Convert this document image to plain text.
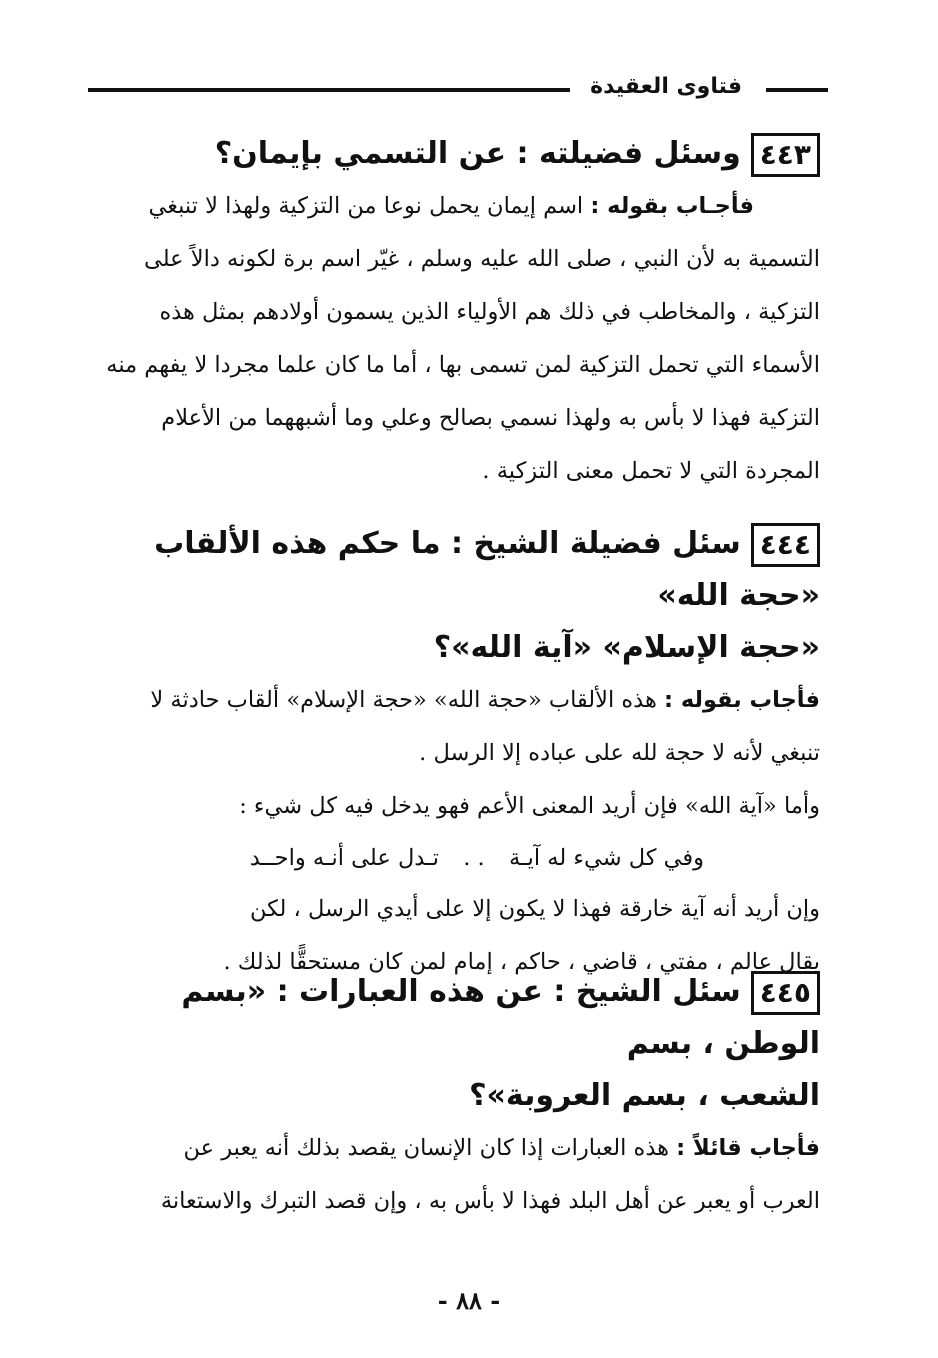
فتاوى العقيدة
٤٤٣وسئل فضيلته : عن التسمي بإيمان؟
فأجـاب بقوله : اسم إيمان يحمل نوعا من التزكية ولهذا لا تنبغي
التسمية به لأن النبي ، صلى الله عليه وسلم ، غيّر اسم برة لكونه دالاً على
التزكية ، والمخاطب في ذلك هم الأولياء الذين يسمون أولادهم بمثل هذه
الأسماء التي تحمل التزكية لمن تسمى بها ، أما ما كان علما مجردا لا يفهم منه
التزكية فهذا لا بأس به ولهذا نسمي بصالح وعلي وما أشبههما من الأعلام
المجردة التي لا تحمل معنى التزكية .
٤٤٤سئل فضيلة الشيخ : ما حكم هذه الألقاب «حجة الله»
«حجة الإسلام» «آية الله»؟
فأجاب بقوله : هذه الألقاب «حجة الله» «حجة الإسلام» ألقاب حادثة لا
تنبغي لأنه لا حجة لله على عباده إلا الرسل .
وأما «آية الله» فإن أريد المعنى الأعم فهو يدخل فيه كل شيء :
وفي كل شيء له آيـة. .تـدل على أنـه واحــد
وإن أريد أنه آية خارقة فهذا لا يكون إلا على أيدي الرسل ، لكن
يقال عالم ، مفتي ، قاضي ، حاكم ، إمام لمن كان مستحقًّا لذلك .
٤٤٥سئل الشيخ : عن هذه العبارات : «بسم الوطن ، بسم
الشعب ، بسم العروبة»؟
فأجاب قائلاً : هذه العبارات إذا كان الإنسان يقصد بذلك أنه يعبر عن
العرب أو يعبر عن أهل البلد فهذا لا بأس به ، وإن قصد التبرك والاستعانة
- ٨٨ -
